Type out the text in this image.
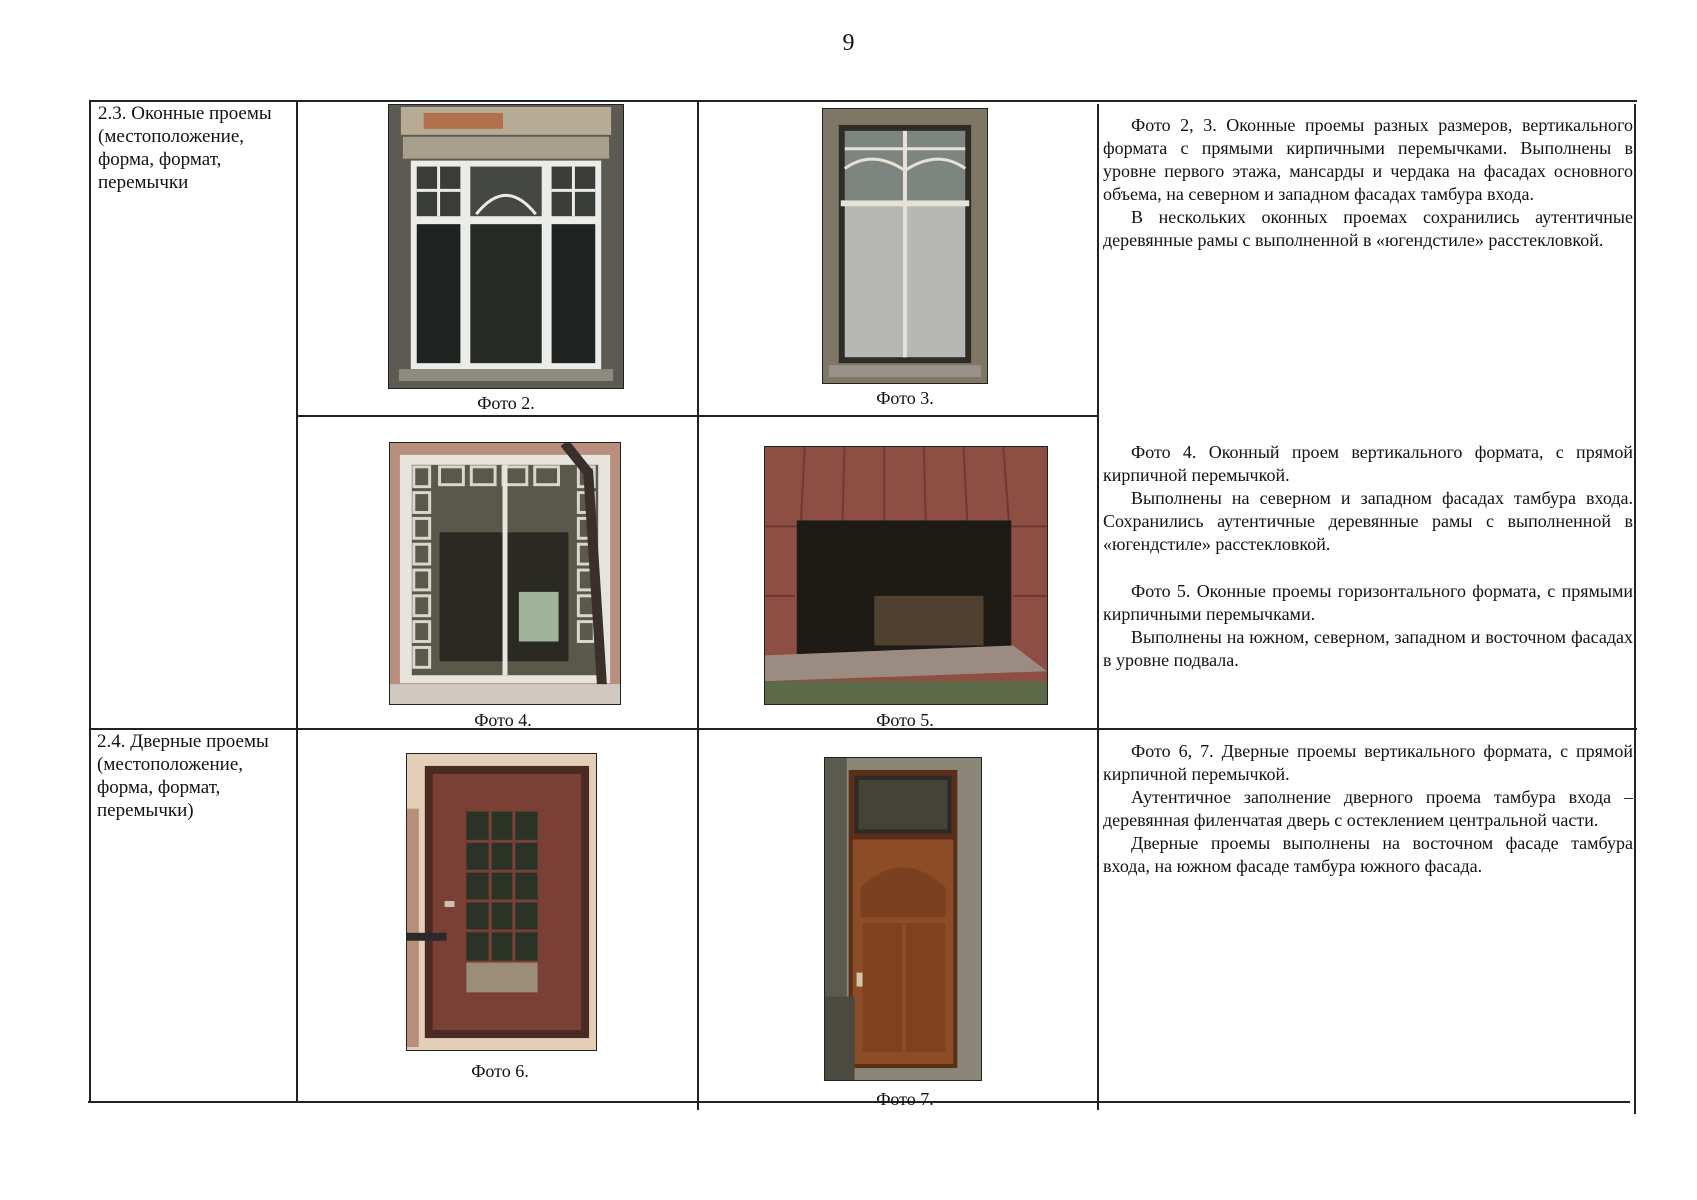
9
2.3. Оконные проемы
(местоположение,
форма, формат,
перемычки
2.4. Дверные проемы
(местоположение,
форма, формат,
перемычки)
Фото 2.	Фото 3.
Фото 4.	Фото 5.
Фото 6.
Фото 7.

Фото 2, 3. Оконные проемы разных размеров, вертикального формата с прямыми кирпичными перемычками. Выполнены в уровне первого этажа, мансарды и чердака на фасадах основного объема, на северном и западном фасадах тамбура входа.

В нескольких оконных проемах сохранились аутентичные деревянные рамы с выполненной в «югендстиле» расстекловкой.

Фото 4. Оконный проем вертикального формата, с прямой кирпичной перемычкой.

Выполнены на северном и западном фасадах тамбура входа. Сохранились аутентичные деревянные рамы с выполненной в «югендстиле» расстекловкой.

Фото 5. Оконные проемы горизонтального формата, с прямыми кирпичными перемычками.

Выполнены на южном, северном, западном и восточном фасадах в уровне подвала.

Фото 6, 7. Дверные проемы вертикального формата, с прямой кирпичной перемычкой.

Аутентичное заполнение дверного проема тамбура входа – деревянная филенчатая дверь с остеклением центральной части.

Дверные проемы выполнены на восточном фасаде тамбура входа, на южном фасаде тамбура южного фасада.
